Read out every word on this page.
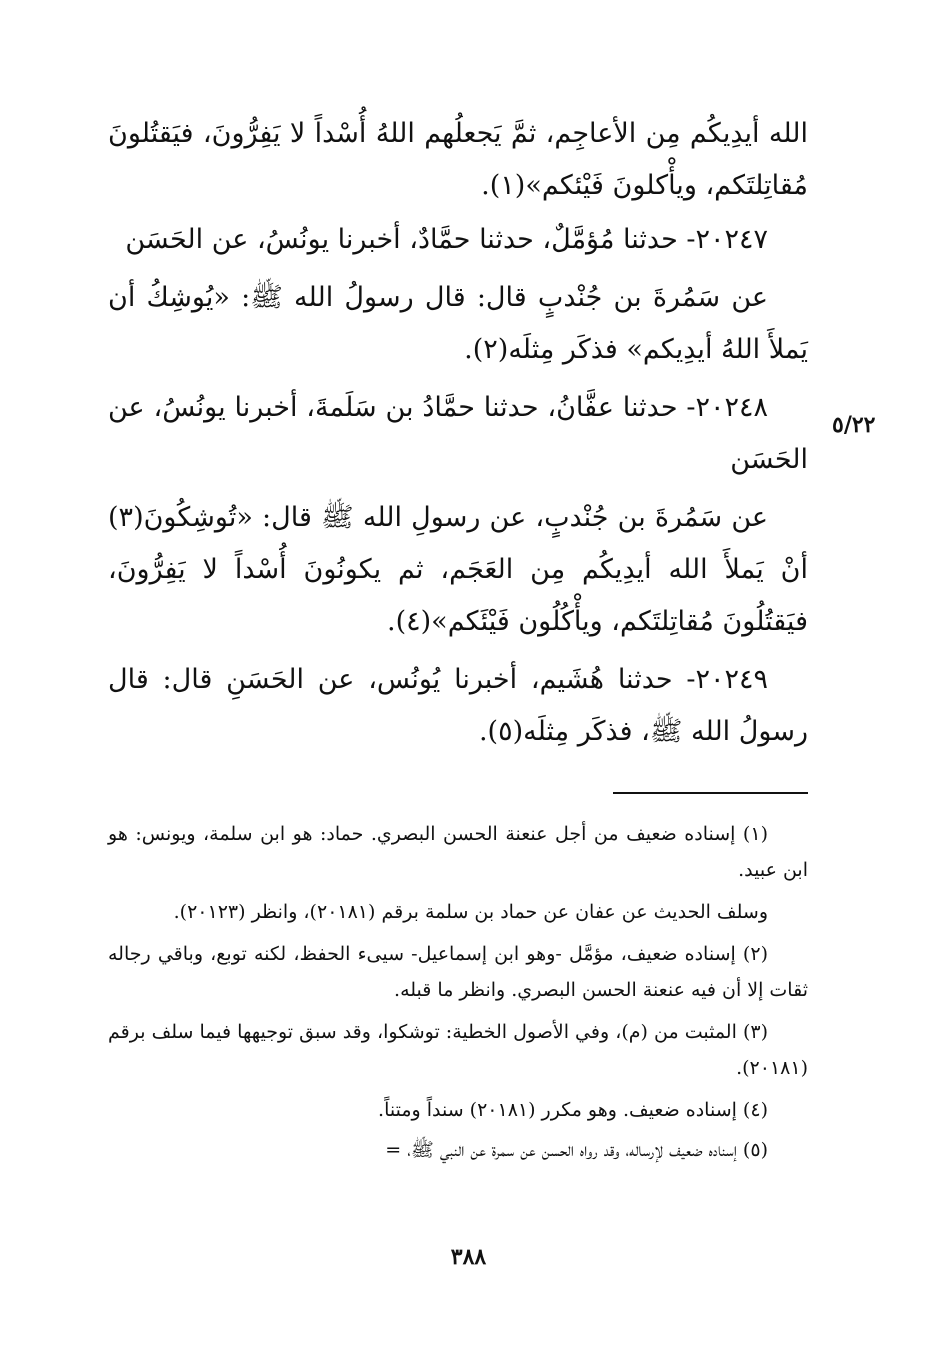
الله أيدِيكُم مِن الأعاجِم، ثمَّ يَجعلُهم اللهُ أُسْداً لا يَفِرُّونَ، فيَقتُلونَ مُقاتِلتَكم، ويأْكلونَ فَيْئكم»(١).

٢٠٢٤٧- حدثنا مُؤمَّلٌ، حدثنا حمَّادٌ، أخبرنا يونُسُ، عن الحَسَن

عن سَمُرةَ بن جُنْدبٍ قال: قال رسولُ الله ﷺ: «يُوشِكُ أن يَملأَ اللهُ أيدِيكم» فذكَر مِثلَه(٢).

٢٠٢٤٨- حدثنا عفَّانُ، حدثنا حمَّادُ بن سَلَمةَ، أخبرنا يونُسُ، عن الحَسَن

عن سَمُرةَ بن جُنْدبٍ، عن رسولِ الله ﷺ قال: «تُوشِكُونَ(٣) أنْ يَملأَ الله أيدِيكُم مِن العَجَم، ثم يكونُونَ أُسْداً لا يَفِرُّونَ، فيَقتُلُونَ مُقاتِلتَكم، ويأْكُلُون فَيْئَكم»(٤).

٢٠٢٤٩- حدثنا هُشَيم، أخبرنا يُونُس، عن الحَسَنِ قال: قال رسولُ الله ﷺ، فذكَر مِثلَه(٥).

٥/٢٢

(١) إسناده ضعيف من أجل عنعنة الحسن البصري. حماد: هو ابن سلمة، ويونس: هو ابن عبيد.

وسلف الحديث عن عفان عن حماد بن سلمة برقم (٢٠١٨١)، وانظر (٢٠١٢٣).

(٢) إسناده ضعيف، مؤمَّل -وهو ابن إسماعيل- سيىء الحفظ، لكنه توبع، وباقي رجاله ثقات إلا أن فيه عنعنة الحسن البصري. وانظر ما قبله.

(٣) المثبت من (م)، وفي الأصول الخطية: توشكوا، وقد سبق توجيهها فيما سلف برقم (٢٠١٨١).

(٤) إسناده ضعيف. وهو مكرر (٢٠١٨١) سنداً ومتناً.

(٥) إسناده ضعيف لإرساله، وقد رواه الحسن عن سمرة عن النبي ﷺ، =

٣٨٨
